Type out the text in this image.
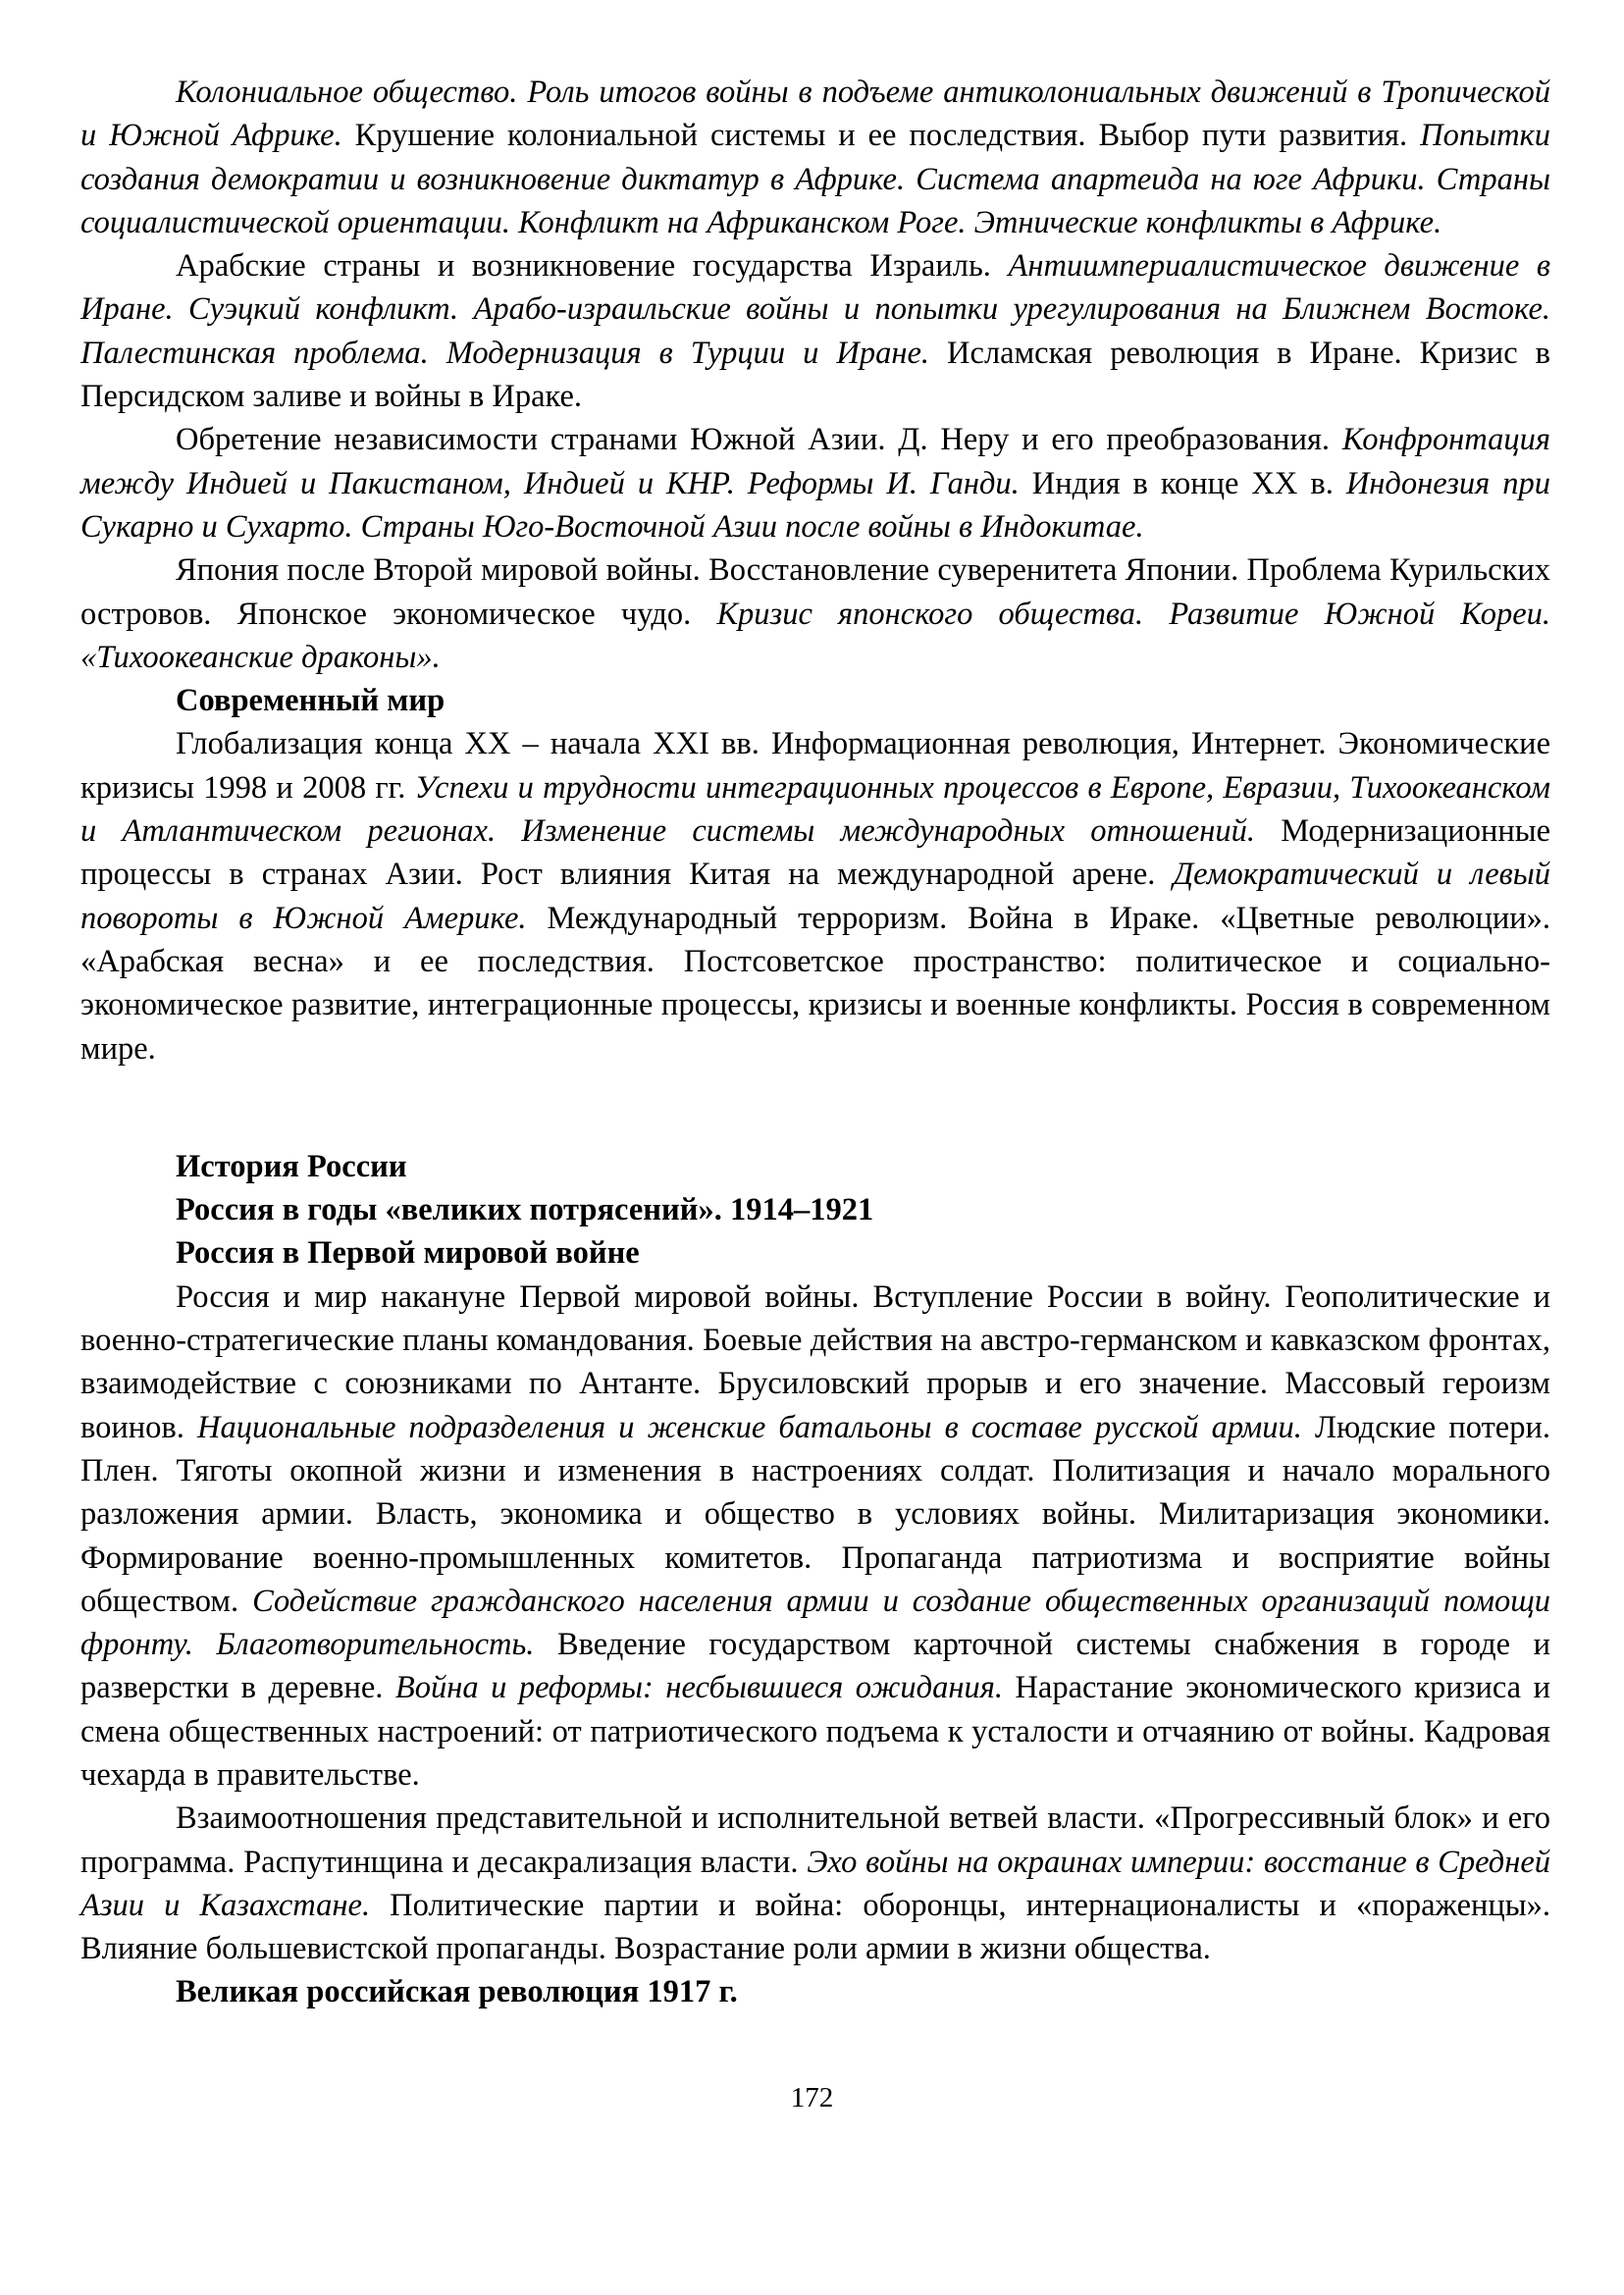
Колониальное общество. Роль итогов войны в подъеме антиколониальных движений в Тропической и Южной Африке. Крушение колониальной системы и ее последствия. Выбор пути развития. Попытки создания демократии и возникновение диктатур в Африке. Система апартеида на юге Африки. Страны социалистической ориентации. Конфликт на Африканском Роге. Этнические конфликты в Африке.

Арабские страны и возникновение государства Израиль. Антиимпериалистическое движение в Иране. Суэцкий конфликт. Арабо-израильские войны и попытки урегулирования на Ближнем Востоке. Палестинская проблема. Модернизация в Турции и Иране. Исламская революция в Иране. Кризис в Персидском заливе и войны в Ираке.

Обретение независимости странами Южной Азии. Д. Неру и его преобразования. Конфронтация между Индией и Пакистаном, Индией и КНР. Реформы И. Ганди. Индия в конце XX в. Индонезия при Сукарно и Сухарто. Страны Юго-Восточной Азии после войны в Индокитае.

Япония после Второй мировой войны. Восстановление суверенитета Японии. Проблема Курильских островов. Японское экономическое чудо. Кризис японского общества. Развитие Южной Кореи. «Тихоокеанские драконы».

Современный мир

Глобализация конца XX – начала XXI вв. Информационная революция, Интернет. Экономические кризисы 1998 и 2008 гг. Успехи и трудности интеграционных процессов в Европе, Евразии, Тихоокеанском и Атлантическом регионах. Изменение системы международных отношений. Модернизационные процессы в странах Азии. Рост влияния Китая на международной арене. Демократический и левый повороты в Южной Америке. Международный терроризм. Война в Ираке. «Цветные революции». «Арабская весна» и ее последствия. Постсоветское пространство: политическое и социально-экономическое развитие, интеграционные процессы, кризисы и военные конфликты. Россия в современном мире.

История России
Россия в годы «великих потрясений». 1914–1921
Россия в Первой мировой войне

Россия и мир накануне Первой мировой войны. Вступление России в войну. Геополитические и военно-стратегические планы командования. Боевые действия на австро-германском и кавказском фронтах, взаимодействие с союзниками по Антанте. Брусиловский прорыв и его значение. Массовый героизм воинов. Национальные подразделения и женские батальоны в составе русской армии. Людские потери. Плен. Тяготы окопной жизни и изменения в настроениях солдат. Политизация и начало морального разложения армии. Власть, экономика и общество в условиях войны. Милитаризация экономики. Формирование военно-промышленных комитетов. Пропаганда патриотизма и восприятие войны обществом. Содействие гражданского населения армии и создание общественных организаций помощи фронту. Благотворительность. Введение государством карточной системы снабжения в городе и разверстки в деревне. Война и реформы: несбывшиеся ожидания. Нарастание экономического кризиса и смена общественных настроений: от патриотического подъема к усталости и отчаянию от войны. Кадровая чехарда в правительстве.

Взаимоотношения представительной и исполнительной ветвей власти. «Прогрессивный блок» и его программа. Распутинщина и десакрализация власти. Эхо войны на окраинах империи: восстание в Средней Азии и Казахстане. Политические партии и война: оборонцы, интернационалисты и «пораженцы». Влияние большевистской пропаганды. Возрастание роли армии в жизни общества.

Великая российская революция 1917 г.
172
